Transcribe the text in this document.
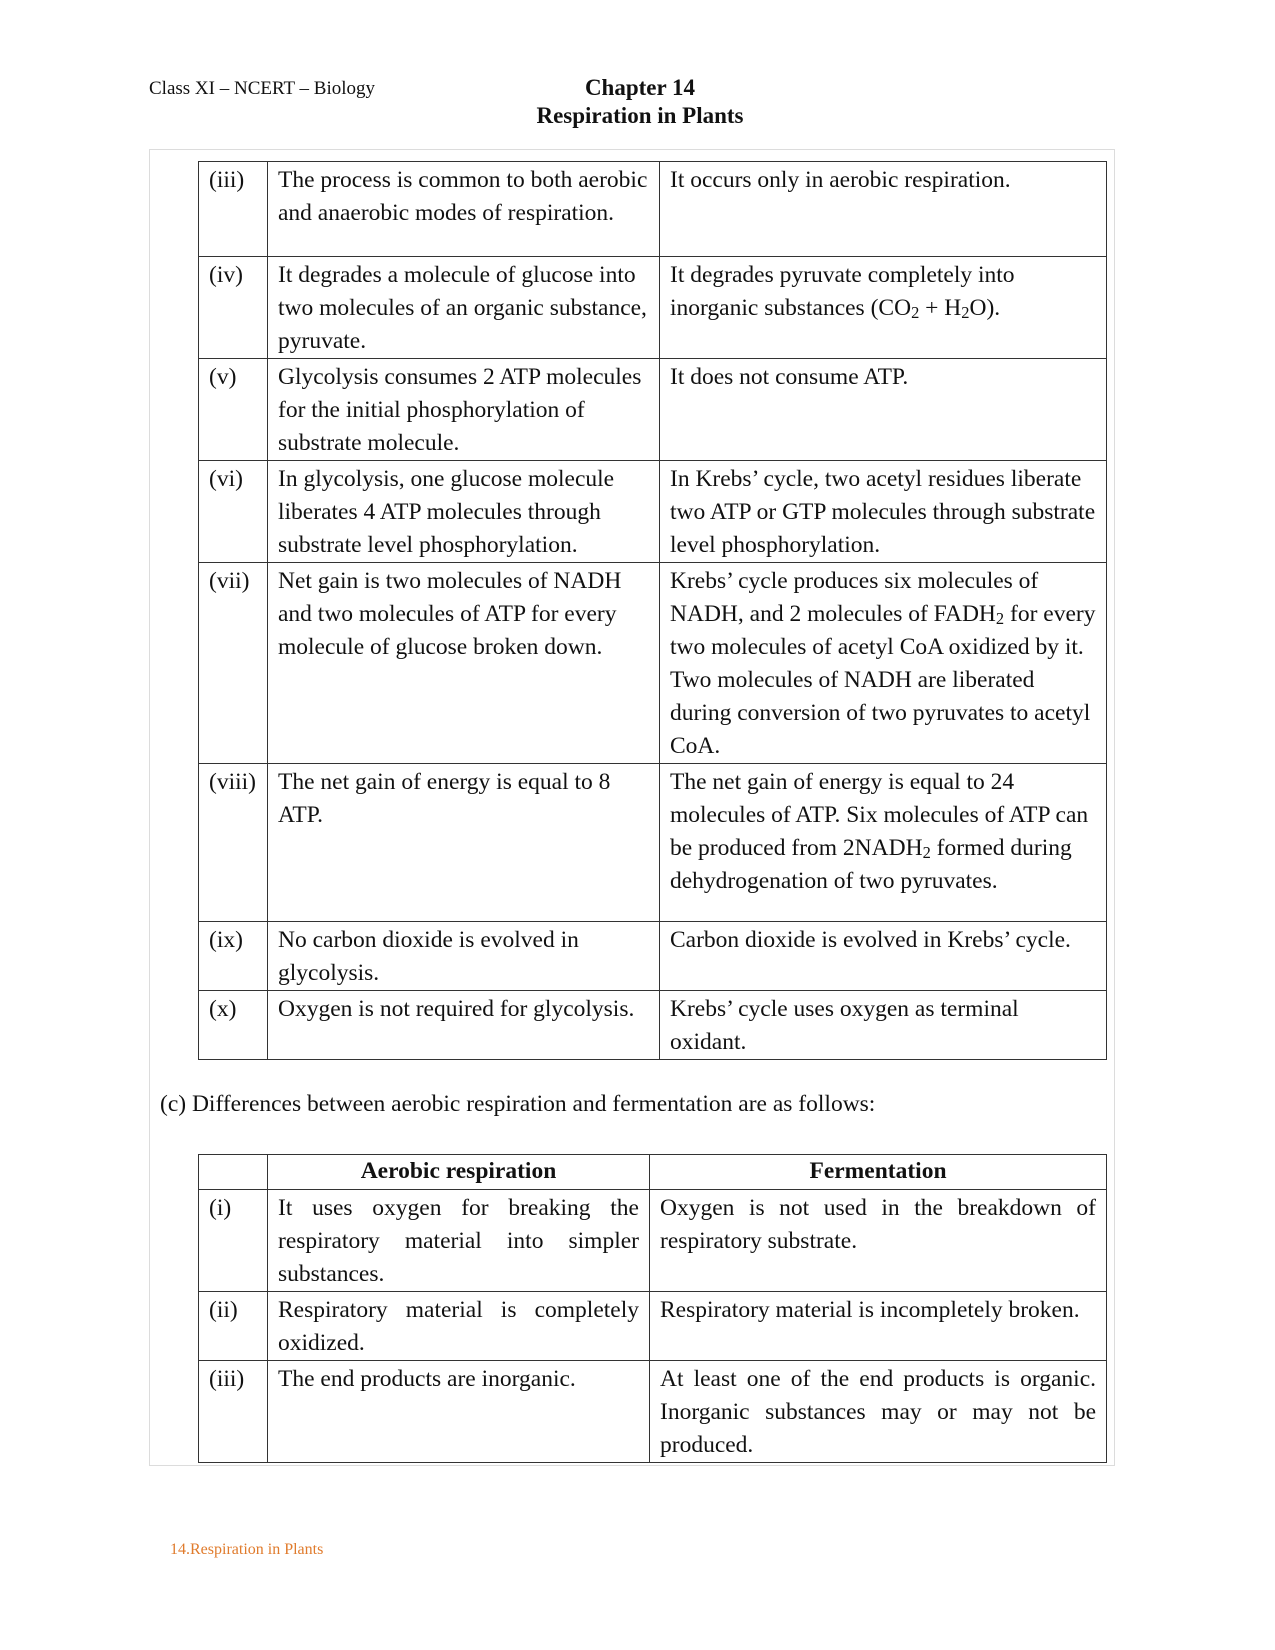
Class XI – NCERT – Biology	Chapter 14
Respiration in Plants
(iii)	The process is common to both aerobic and anaerobic modes of respiration.	It occurs only in aerobic respiration.
(iv)	It degrades a molecule of glucose into two molecules of an organic substance, pyruvate.	It degrades pyruvate completely into inorganic substances $(CO_2 + H_2O)$.
(v)	Glycolysis consumes 2 ATP molecules for the initial phosphorylation of substrate molecule.	It does not consume ATP.
(vi)	In glycolysis, one glucose molecule liberates 4 ATP molecules through substrate level phosphorylation.	In Krebs’ cycle, two acetyl residues liberate two ATP or GTP molecules through substrate level phosphorylation.
(vii)	Net gain is two molecules of NADH and two molecules of ATP for every molecule of glucose broken down.	Krebs’ cycle produces six molecules of NADH, and 2 molecules of $FADH_2$ for every two molecules of acetyl CoA oxidized by it. Two molecules of NADH are liberated during conversion of two pyruvates to acetyl CoA.
(viii)	The net gain of energy is equal to 8 ATP.	The net gain of energy is equal to 24 molecules of ATP. Six molecules of ATP can be produced from $2NADH_2$ formed during dehydrogenation of two pyruvates.
(ix)	No carbon dioxide is evolved in glycolysis.	Carbon dioxide is evolved in Krebs’ cycle.
(x)	Oxygen is not required for glycolysis.	Krebs’ cycle uses oxygen as terminal oxidant.
(c) Differences between aerobic respiration and fermentation are as follows:
	Aerobic respiration	Fermentation
(i)	It uses oxygen for breaking the respiratory material into simpler substances.	Oxygen is not used in the breakdown of respiratory substrate.
(ii)	Respiratory material is completely oxidized.	Respiratory material is incompletely broken.
(iii)	The end products are inorganic.	At least one of the end products is organic. Inorganic substances may or may not be produced.
14.Respiration in Plants
